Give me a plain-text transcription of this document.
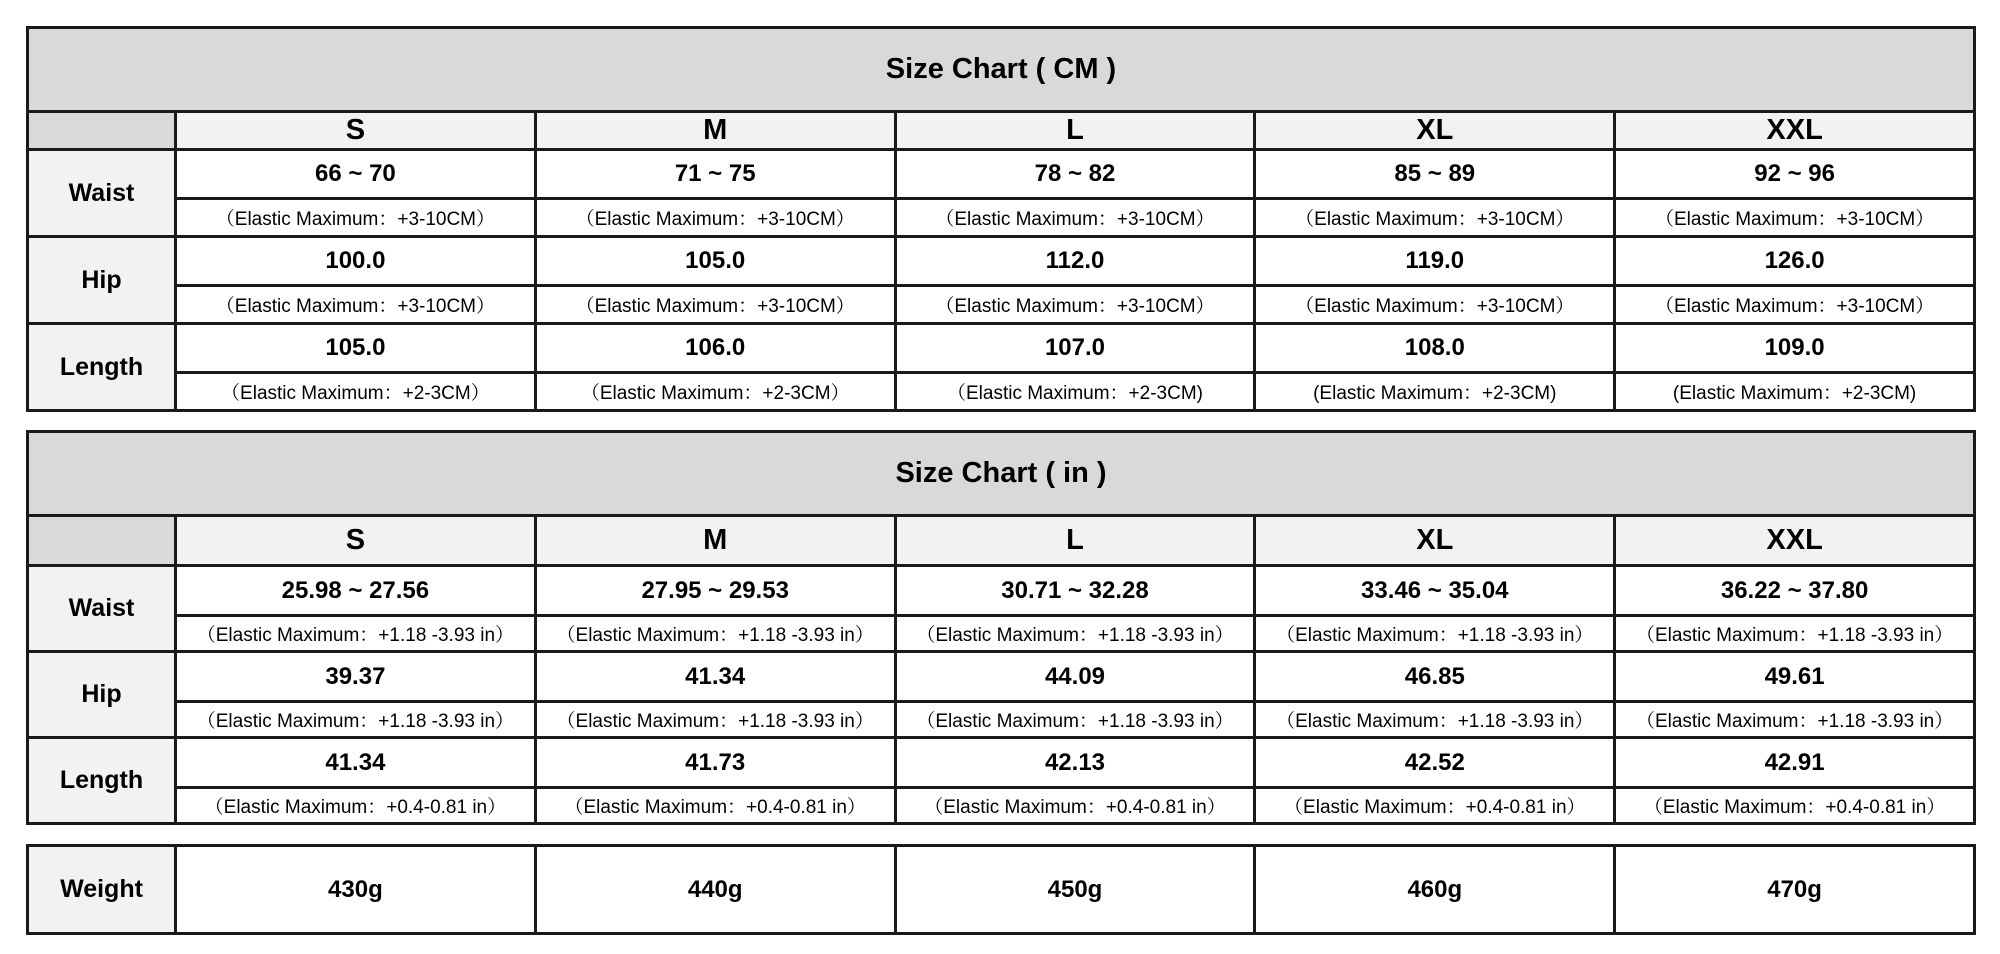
Size Chart ( CM )					
	S	M	L	XL	XXL
Waist	66 ~ 70	71 ~ 75	78 ~ 82	85 ~ 89	92 ~ 96
	（Elastic Maximum：+3-10CM）	（Elastic Maximum：+3-10CM）	（Elastic Maximum：+3-10CM）	（Elastic Maximum：+3-10CM）	（Elastic Maximum：+3-10CM）
Hip	100.0	105.0	112.0	119.0	126.0
	（Elastic Maximum：+3-10CM）	（Elastic Maximum：+3-10CM）	（Elastic Maximum：+3-10CM）	（Elastic Maximum：+3-10CM）	（Elastic Maximum：+3-10CM）
Length	105.0	106.0	107.0	108.0	109.0
	（Elastic Maximum：+2-3CM）	（Elastic Maximum：+2-3CM）	（Elastic Maximum：+2-3CM)	(Elastic Maximum：+2-3CM)	(Elastic Maximum：+2-3CM)
Size Chart ( in )					
	S	M	L	XL	XXL
Waist	25.98 ~ 27.56	27.95 ~ 29.53	30.71 ~ 32.28	33.46 ~ 35.04	36.22 ~ 37.80
	（Elastic Maximum：+1.18 -3.93 in）	（Elastic Maximum：+1.18 -3.93 in）	（Elastic Maximum：+1.18 -3.93 in）	（Elastic Maximum：+1.18 -3.93 in）	（Elastic Maximum：+1.18 -3.93 in）
Hip	39.37	41.34	44.09	46.85	49.61
	（Elastic Maximum：+1.18 -3.93 in）	（Elastic Maximum：+1.18 -3.93 in）	（Elastic Maximum：+1.18 -3.93 in）	（Elastic Maximum：+1.18 -3.93 in）	（Elastic Maximum：+1.18 -3.93 in）
Length	41.34	41.73	42.13	42.52	42.91
	（Elastic Maximum：+0.4-0.81 in）	（Elastic Maximum：+0.4-0.81 in）	（Elastic Maximum：+0.4-0.81 in）	（Elastic Maximum：+0.4-0.81 in）	（Elastic Maximum：+0.4-0.81 in）
Weight	430g	440g	450g	460g	470g
